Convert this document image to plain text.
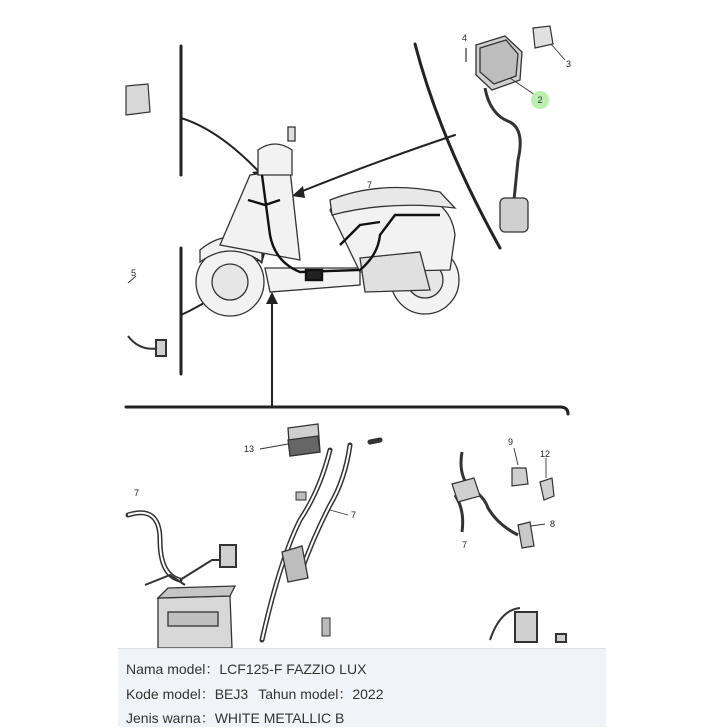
2
3
4
5
7
7
7
7
8
9
12
13
Nama model：LCF125-F FAZZIO LUX
Kode model：BEJ3 Tahun model：2022
Jenis warna：WHITE METALLIC B
